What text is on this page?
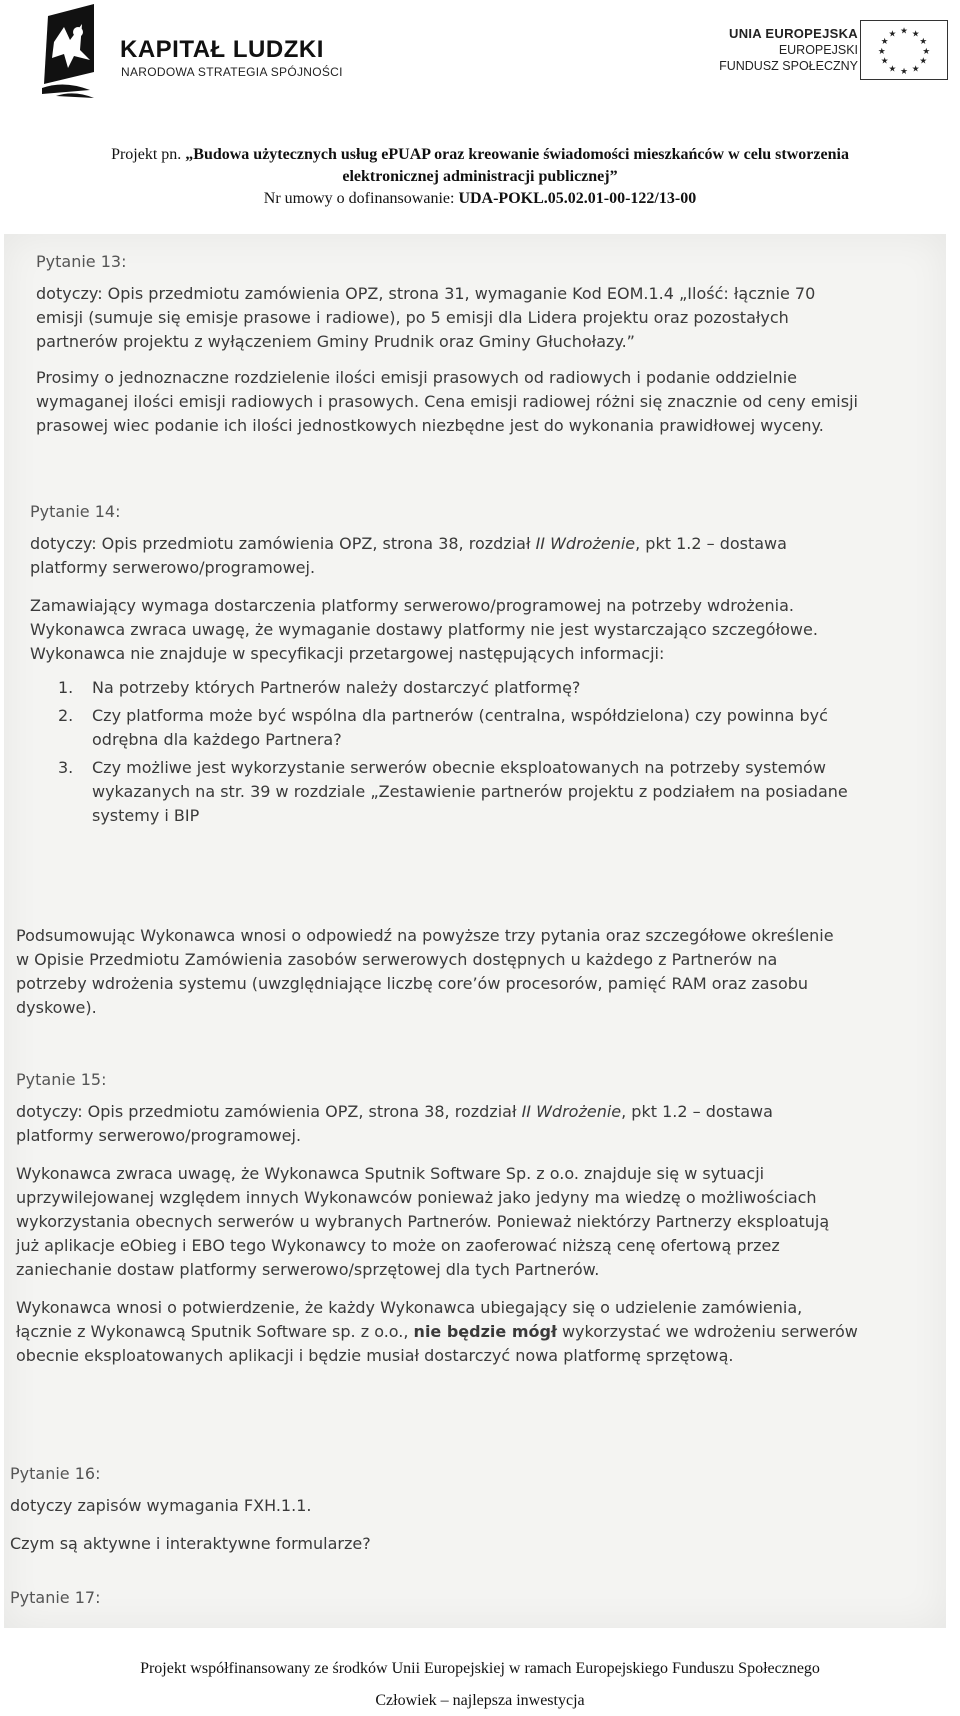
KAPITAŁ LUDZKI
NARODOWA STRATEGIA SPÓJNOŚCI
UNIA EUROPEJSKA
EUROPEJSKI
FUNDUSZ SPOŁECZNY
★ ★
★
★
★
★
★
★
★
★
★
★
Projekt pn. „Budowa użytecznych usług ePUAP oraz kreowanie świadomości mieszkańców w celu stworzenia
elektronicznej administracji publicznej”
Nr umowy o dofinansowanie: UDA-POKL.05.02.01-00-122/13-00

Pytanie 13:

dotyczy: Opis przedmiotu zamówienia OPZ, strona 31, wymaganie Kod EOM.1.4 „Ilość: łącznie 70

emisji (sumuje się emisje prasowe i radiowe), po 5 emisji dla Lidera projektu oraz pozostałych

partnerów projektu z wyłączeniem Gminy Prudnik oraz Gminy Głuchołazy.”

Prosimy o jednoznaczne rozdzielenie ilości emisji prasowych od radiowych i podanie oddzielnie

wymaganej ilości emisji radiowych i prasowych. Cena emisji radiowej różni się znacznie od ceny emisji

prasowej wiec podanie ich ilości jednostkowych niezbędne jest do wykonania prawidłowej wyceny.

Pytanie 14:

dotyczy: Opis przedmiotu zamówienia OPZ, strona 38, rozdział II Wdrożenie, pkt 1.2 – dostawa

platformy serwerowo/programowej.

Zamawiający wymaga dostarczenia platformy serwerowo/programowej na potrzeby wdrożenia.

Wykonawca zwraca uwagę, że wymaganie dostawy platformy nie jest wystarczająco szczegółowe.

Wykonawca nie znajduje w specyfikacji przetargowej następujących informacji:

1. Na potrzeby których Partnerów należy dostarczyć platformę?

2. Czy platforma może być wspólna dla partnerów (centralna, współdzielona) czy powinna być

odrębna dla każdego Partnera?

3. Czy możliwe jest wykorzystanie serwerów obecnie eksploatowanych na potrzeby systemów

wykazanych na str. 39 w rozdziale „Zestawienie partnerów projektu z podziałem na posiadane

systemy i BIP

Podsumowując Wykonawca wnosi o odpowiedź na powyższe trzy pytania oraz szczegółowe określenie

w Opisie Przedmiotu Zamówienia zasobów serwerowych dostępnych u każdego z Partnerów na

potrzeby wdrożenia systemu (uwzględniające liczbę core’ów procesorów, pamięć RAM oraz zasobu

dyskowe).

Pytanie 15:

dotyczy: Opis przedmiotu zamówienia OPZ, strona 38, rozdział II Wdrożenie, pkt 1.2 – dostawa

platformy serwerowo/programowej.

Wykonawca zwraca uwagę, że Wykonawca Sputnik Software Sp. z o.o. znajduje się w sytuacji

uprzywilejowanej względem innych Wykonawców ponieważ jako jedyny ma wiedzę o możliwościach

wykorzystania obecnych serwerów u wybranych Partnerów. Ponieważ niektórzy Partnerzy eksploatują

już aplikacje eObieg i EBO tego Wykonawcy to może on zaoferować niższą cenę ofertową przez

zaniechanie dostaw platformy serwerowo/sprzętowej dla tych Partnerów.

Wykonawca wnosi o potwierdzenie, że każdy Wykonawca ubiegający się o udzielenie zamówienia,

łącznie z Wykonawcą Sputnik Software sp. z o.o., nie będzie mógł wykorzystać we wdrożeniu serwerów

obecnie eksploatowanych aplikacji i będzie musiał dostarczyć nowa platformę sprzętową.

Pytanie 16:

dotyczy zapisów wymagania FXH.1.1.

Czym są aktywne i interaktywne formularze?

Pytanie 17:

Projekt współfinansowany ze środków Unii Europejskiej w ramach Europejskiego Funduszu Społecznego
Człowiek – najlepsza inwestycja
